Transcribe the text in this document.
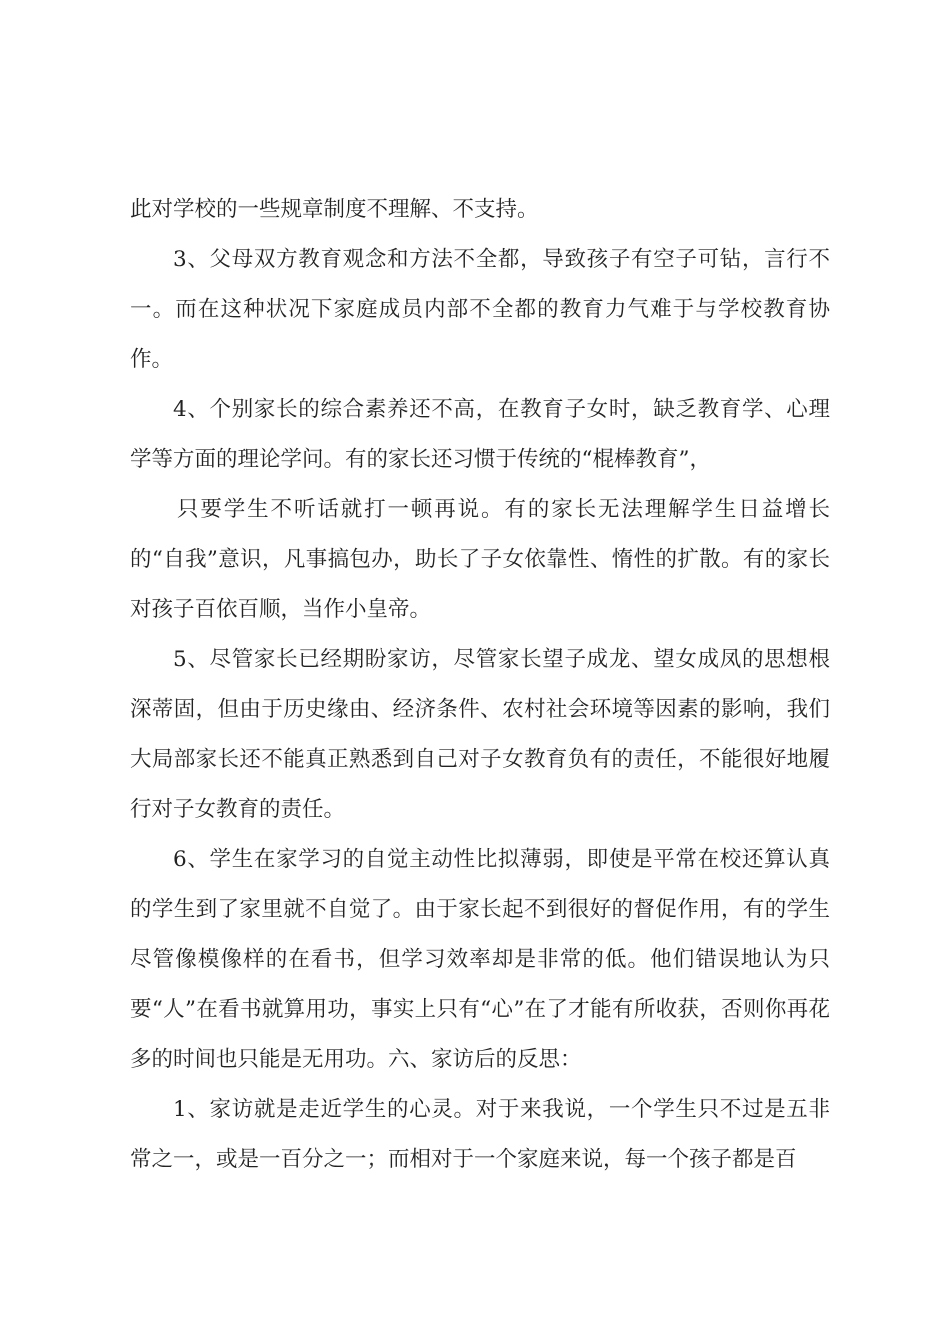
此对学校的一些规章制度不理解、不支持。

3、父母双方教育观念和方法不全都，导致孩子有空子可钻，言行不一。而在这种状况下家庭成员内部不全都的教育力气难于与学校教育协作。

4、个别家长的综合素养还不高，在教育子女时，缺乏教育学、心理学等方面的理论学问。有的家长还习惯于传统的“棍棒教育”，

只要学生不听话就打一顿再说。有的家长无法理解学生日益增长的“自我”意识，凡事搞包办，助长了子女依靠性、惰性的扩散。有的家长对孩子百依百顺，当作小皇帝。

5、尽管家长已经期盼家访，尽管家长望子成龙、望女成凤的思想根深蒂固，但由于历史缘由、经济条件、农村社会环境等因素的影响，我们大局部家长还不能真正熟悉到自己对子女教育负有的责任，不能很好地履行对子女教育的责任。

6、学生在家学习的自觉主动性比拟薄弱，即使是平常在校还算认真的学生到了家里就不自觉了。由于家长起不到很好的督促作用，有的学生尽管像模像样的在看书，但学习效率却是非常的低。他们错误地认为只要“人”在看书就算用功，事实上只有“心”在了才能有所收获，否则你再花多的时间也只能是无用功。六、家访后的反思：

1、家访就是走近学生的心灵。对于来我说，一个学生只不过是五非常之一，或是一百分之一；而相对于一个家庭来说，每一个孩子都是百
